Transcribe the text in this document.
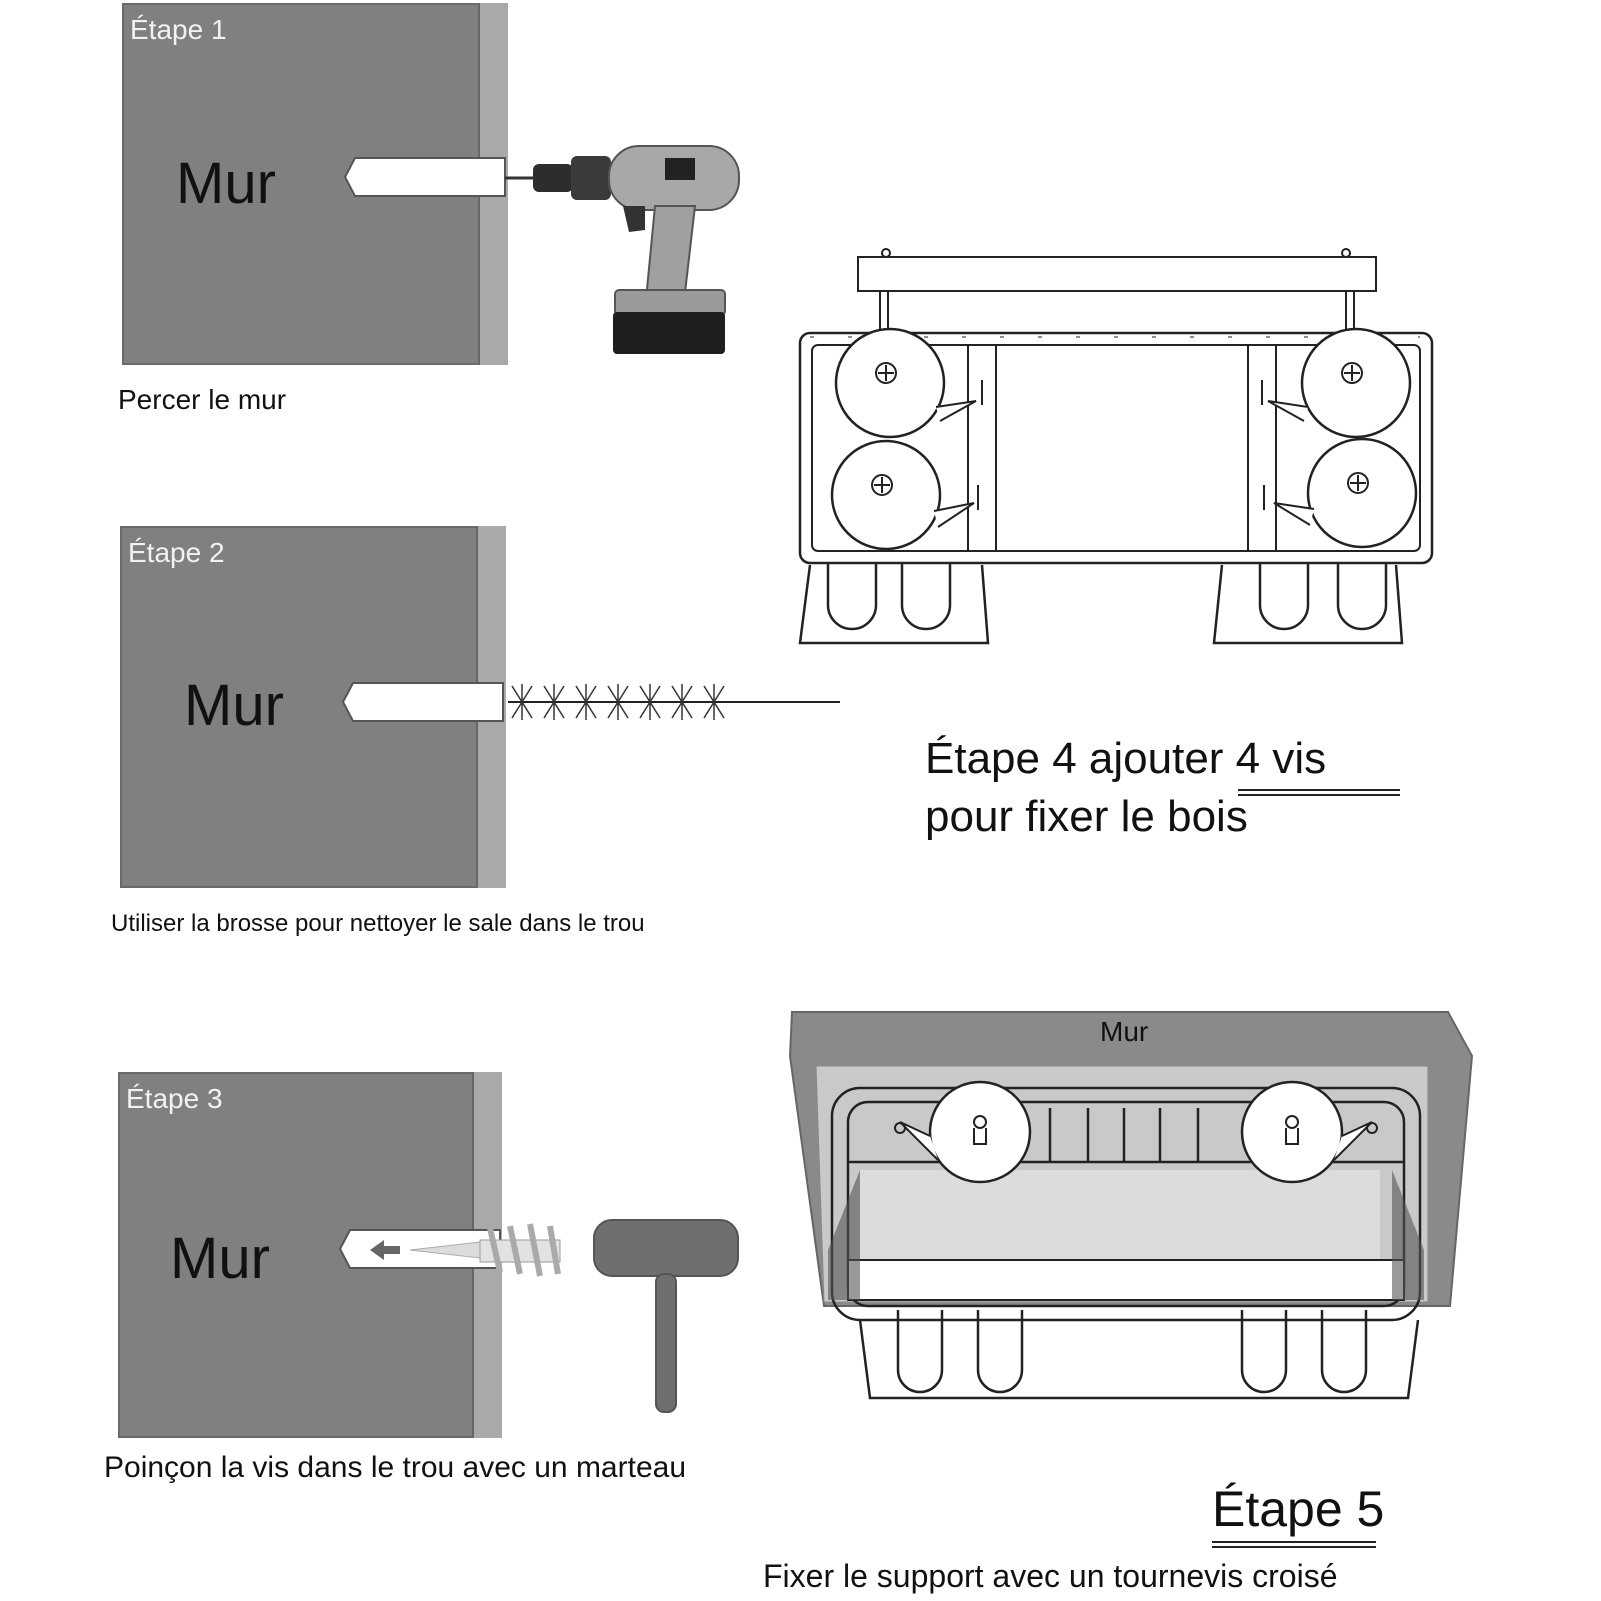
Étape 1
Mur
Percer le mur
Étape 2
Mur
Utiliser la brosse pour nettoyer le sale dans le trou
Étape 3
Mur
Poinçon la vis dans le trou avec un marteau
Étape 4 ajouter 4 vis
pour fixer le bois
Mur
Étape 5
Fixer le support avec un tournevis croisé
